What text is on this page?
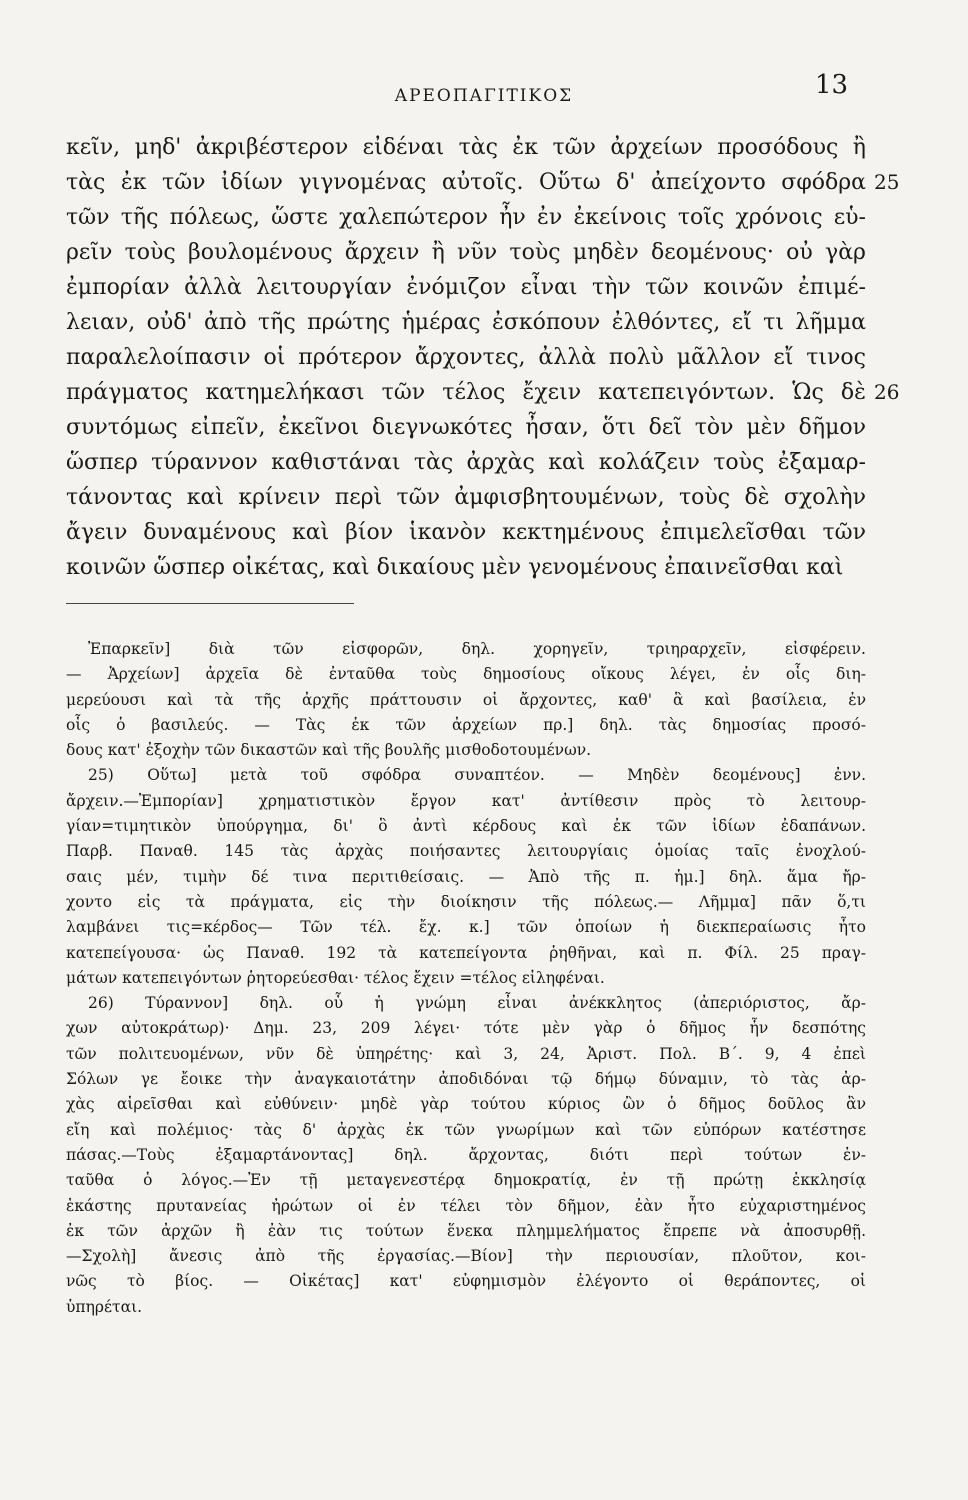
ΑΡΕΟΠΑΓΙΤΙΚΟΣ	13
κεῖν, μηδ' ἀκριβέστερον εἰδέναι τὰς ἐκ τῶν ἀρχείων προσόδους ἢ
τὰς ἐκ τῶν ἰδίων γιγνομένας αὐτοῖς. Οὕτω δ' ἀπείχοντο σφόδρα 25
τῶν τῆς πόλεως, ὥστε χαλεπώτερον ἦν ἐν ἐκείνοις τοῖς χρόνοις εὑ-
ρεῖν τοὺς βουλομένους ἄρχειν ἢ νῦν τοὺς μηδὲν δεομένους· οὐ γὰρ
ἐμπορίαν ἀλλὰ λειτουργίαν ἐνόμιζον εἶναι τὴν τῶν κοινῶν ἐπιμέ-
λειαν, οὐδ' ἀπὸ τῆς πρώτης ἡμέρας ἐσκόπουν ἐλθόντες, εἴ τι λῆμμα
παραλελοίπασιν οἱ πρότερον ἄρχοντες, ἀλλὰ πολὺ μᾶλλον εἴ τινος
πράγματος κατημελήκασι τῶν τέλος ἔχειν κατεπειγόντων. Ὡς δὲ 26
συντόμως εἰπεῖν, ἐκεῖνοι διεγνωκότες ἦσαν, ὅτι δεῖ τὸν μὲν δῆμον
ὥσπερ τύραννον καθιστάναι τὰς ἀρχὰς καὶ κολάζειν τοὺς ἐξαμαρ-
τάνοντας καὶ κρίνειν περὶ τῶν ἀμφισβητουμένων, τοὺς δὲ σχολὴν
ἄγειν δυναμένους καὶ βίον ἱκανὸν κεκτημένους ἐπιμελεῖσθαι τῶν
κοινῶν ὥσπερ οἰκέτας, καὶ δικαίους μὲν γενομένους ἐπαινεῖσθαι καὶ
Ἐπαρκεῖν] διὰ τῶν εἰσφορῶν, δηλ. χορηγεῖν, τριηραρχεῖν, εἰσφέρειν.
— Ἀρχείων] ἀρχεῖα δὲ ἐνταῦθα τοὺς δημοσίους οἴκους λέγει, ἐν οἷς διη-
μερεύουσι καὶ τὰ τῆς ἀρχῆς πράττουσιν οἱ ἄρχοντες, καθ' ἃ καὶ βασίλεια, ἐν
οἷς ὁ βασιλεύς. — Τὰς ἐκ τῶν ἀρχείων πρ.] δηλ. τὰς δημοσίας προσό-
δους κατ' ἐξοχὴν τῶν δικαστῶν καὶ τῆς βουλῆς μισθοδοτουμένων.
25) Οὕτω] μετὰ τοῦ σφόδρα συναπτέον. — Μηδὲν δεομένους] ἐνν.
ἄρχειν.—Ἐμπορίαν] χρηματιστικὸν ἔργον κατ' ἀντίθεσιν πρὸς τὸ λειτουρ-
γίαν=τιμητικὸν ὑπούργημα, δι' ὃ ἀντὶ κέρδους καὶ ἐκ τῶν ἰδίων ἐδαπάνων.
Παρβ. Παναθ. 145 τὰς ἀρχὰς ποιήσαντες λειτουργίαις ὁμοίας ταῖς ἐνοχλού-
σαις μέν, τιμὴν δέ τινα περιτιθείσαις. — Ἀπὸ τῆς π. ἡμ.] δηλ. ἅμα ἤρ-
χοντο εἰς τὰ πράγματα, εἰς τὴν διοίκησιν τῆς πόλεως.— Λῆμμα] πᾶν ὅ,τι
λαμβάνει τις=κέρδος— Τῶν τέλ. ἔχ. κ.] τῶν ὁποίων ἡ διεκπεραίωσις ἦτο
κατεπείγουσα· ὡς Παναθ. 192 τὰ κατεπείγοντα ῥηθῆναι, καὶ π. Φίλ. 25 πραγ-
μάτων κατεπειγόντων ῥητορεύεσθαι· τέλος ἔχειν =τέλος εἰληφέναι.
26) Τύραννον] δηλ. οὗ ἡ γνώμη εἶναι ἀνέκκλητος (ἀπεριόριστος, ἄρ-
χων αὐτοκράτωρ)· Δημ. 23, 209 λέγει· τότε μὲν γὰρ ὁ δῆμος ἦν δεσπότης
τῶν πολιτευομένων, νῦν δὲ ὑπηρέτης· καὶ 3, 24, Ἀριστ. Πολ. Β΄. 9, 4 ἐπεὶ
Σόλων γε ἔοικε τὴν ἀναγκαιοτάτην ἀποδιδόναι τῷ δήμῳ δύναμιν, τὸ τὰς ἀρ-
χὰς αἱρεῖσθαι καὶ εὐθύνειν· μηδὲ γὰρ τούτου κύριος ὢν ὁ δῆμος δοῦλος ἂν
εἴη καὶ πολέμιος· τὰς δ' ἀρχὰς ἐκ τῶν γνωρίμων καὶ τῶν εὐπόρων κατέστησε
πάσας.—Τοὺς ἐξαμαρτάνοντας] δηλ. ἄρχοντας, διότι περὶ τούτων ἐν-
ταῦθα ὁ λόγος.—Ἐν τῇ μεταγενεστέρᾳ δημοκρατίᾳ, ἐν τῇ πρώτῃ ἐκκλησίᾳ
ἑκάστης πρυτανείας ἠρώτων οἱ ἐν τέλει τὸν δῆμον, ἐὰν ἦτο εὐχαριστημένος
ἐκ τῶν ἀρχῶν ἢ ἐὰν τις τούτων ἕνεκα πλημμελήματος ἔπρεπε νὰ ἀποσυρθῇ.
—Σχολὴ] ἄνεσις ἀπὸ τῆς ἐργασίας.—Βίον] τὴν περιουσίαν, πλοῦτον, κοι-
νῶς τὸ βίος. — Οἰκέτας] κατ' εὐφημισμὸν ἐλέγοντο οἱ θεράποντες, οἱ
ὑπηρέται.
